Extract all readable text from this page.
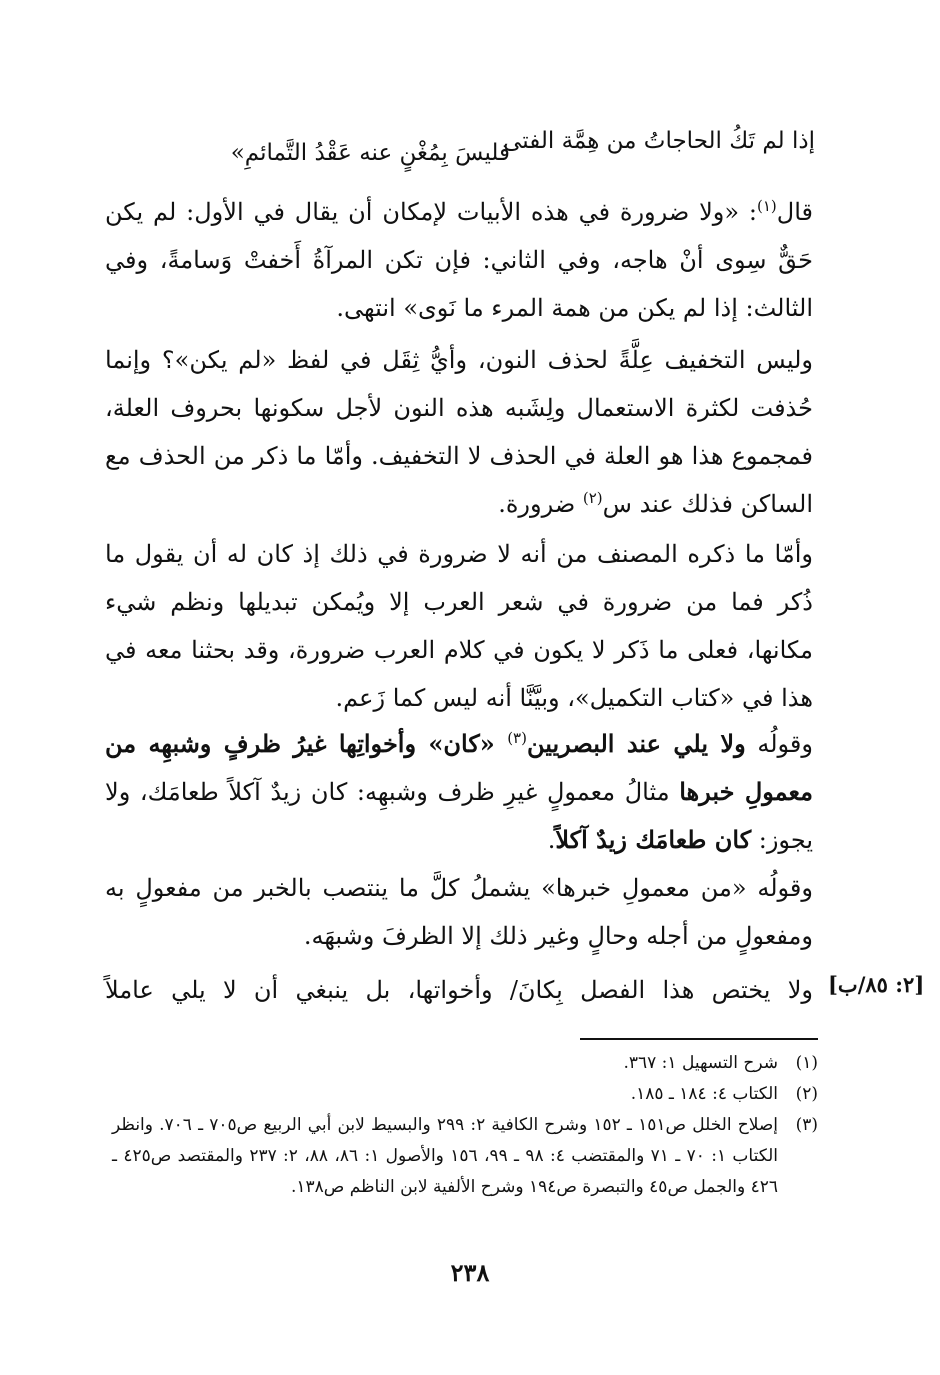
إذا لم تَكُ الحاجاتُ من هِمَّة الفتى
فليسَ بِمُغْنٍ عنه عَقْدُ التَّمائمِ»

قال$^{(١)}$: «ولا ضرورة في هذه الأبيات لإمكان أن يقال في الأول: لم يكن حَقٌّ سِوى أنْ هاجه، وفي الثاني: فإن تكن المرآةُ أَخفتْ وَسامةً، وفي الثالث: إذا لم يكن من همة المرء ما نَوى» انتهى.

وليس التخفيف عِلَّةً لحذف النون، وأيُّ ثِقَل في لفظ «لم يكن»؟ وإنما حُذفت لكثرة الاستعمال ولِشَبه هذه النون لأجل سكونها بحروف العلة، فمجموع هذا هو العلة في الحذف لا التخفيف. وأمّا ما ذكر من الحذف مع الساكن فذلك عند س$^{(٢)}$ ضرورة.

وأمّا ما ذكره المصنف من أنه لا ضرورة في ذلك إذ كان له أن يقول ما ذُكر فما من ضرورة في شعر العرب إلا ويُمكن تبديلها ونظم شيء مكانها، فعلى ما ذَكر لا يكون في كلام العرب ضرورة، وقد بحثنا معه في هذا في «كتاب التكميل»، وبيَّنَّا أنه ليس كما زَعم.

وقولُه ولا يلي عند البصريين$^{(٣)}$ «كان» وأخواتِها غيرُ ظرفٍ وشبهِه من معمولِ خبرها مثالُ معمولٍ غيرِ ظرف وشبهِه: كان زيدٌ آكلاً طعامَك، ولا يجوز: كان طعامَك زيدٌ آكلاً.

وقولُه «من معمولِ خبرها» يشملُ كلَّ ما ينتصب بالخبر من مفعولٍ به ومفعولٍ من أجله وحالٍ وغير ذلك إلا الظرفَ وشبهَه.

ولا يختص هذا الفصل بِكانَ/ وأخواتها، بل ينبغي أن لا يلي عاملاً [٢: ٨٥/ب]
(١)
شرح التسهيل ١: ٣٦٧.
(٢)
الكتاب ٤: ١٨٤ ـ ١٨٥.
(٣)
إصلاح الخلل ص١٥١ ـ ١٥٢ وشرح الكافية ٢: ٢٩٩ والبسيط لابن أبي الربيع ص٧٠٥ ـ ٧٠٦. وانظر الكتاب ١: ٧٠ ـ ٧١ والمقتضب ٤: ٩٨ ـ ٩٩، ١٥٦ والأصول ١: ٨٦، ٨٨، ٢: ٢٣٧ والمقتصد ص٤٢٥ ـ ٤٢٦ والجمل ص٤٥ والتبصرة ص١٩٤ وشرح الألفية لابن الناظم ص١٣٨.
٢٣٨
